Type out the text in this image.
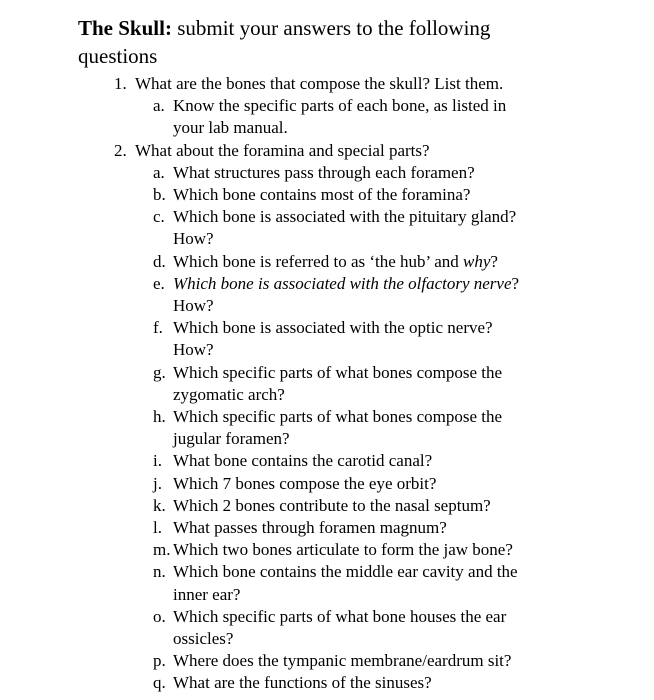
The Skull: submit your answers to the following
questions
1. What are the bones that compose the skull? List them.
a. Know the specific parts of each bone, as listed in
your lab manual.
2. What about the foramina and special parts?
a. What structures pass through each foramen?
b. Which bone contains most of the foramina?
c. Which bone is associated with the pituitary gland?
How?
d. Which bone is referred to as ‘the hub’ and why?
e. Which bone is associated with the olfactory nerve?
How?
f. Which bone is associated with the optic nerve?
How?
g. Which specific parts of what bones compose the
zygomatic arch?
h. Which specific parts of what bones compose the
jugular foramen?
i. What bone contains the carotid canal?
j. Which 7 bones compose the eye orbit?
k. Which 2 bones contribute to the nasal septum?
l. What passes through foramen magnum?
m. Which two bones articulate to form the jaw bone?
n. Which bone contains the middle ear cavity and the
inner ear?
o. Which specific parts of what bone houses the ear
ossicles?
p. Where does the tympanic membrane/eardrum sit?
q. What are the functions of the sinuses?
